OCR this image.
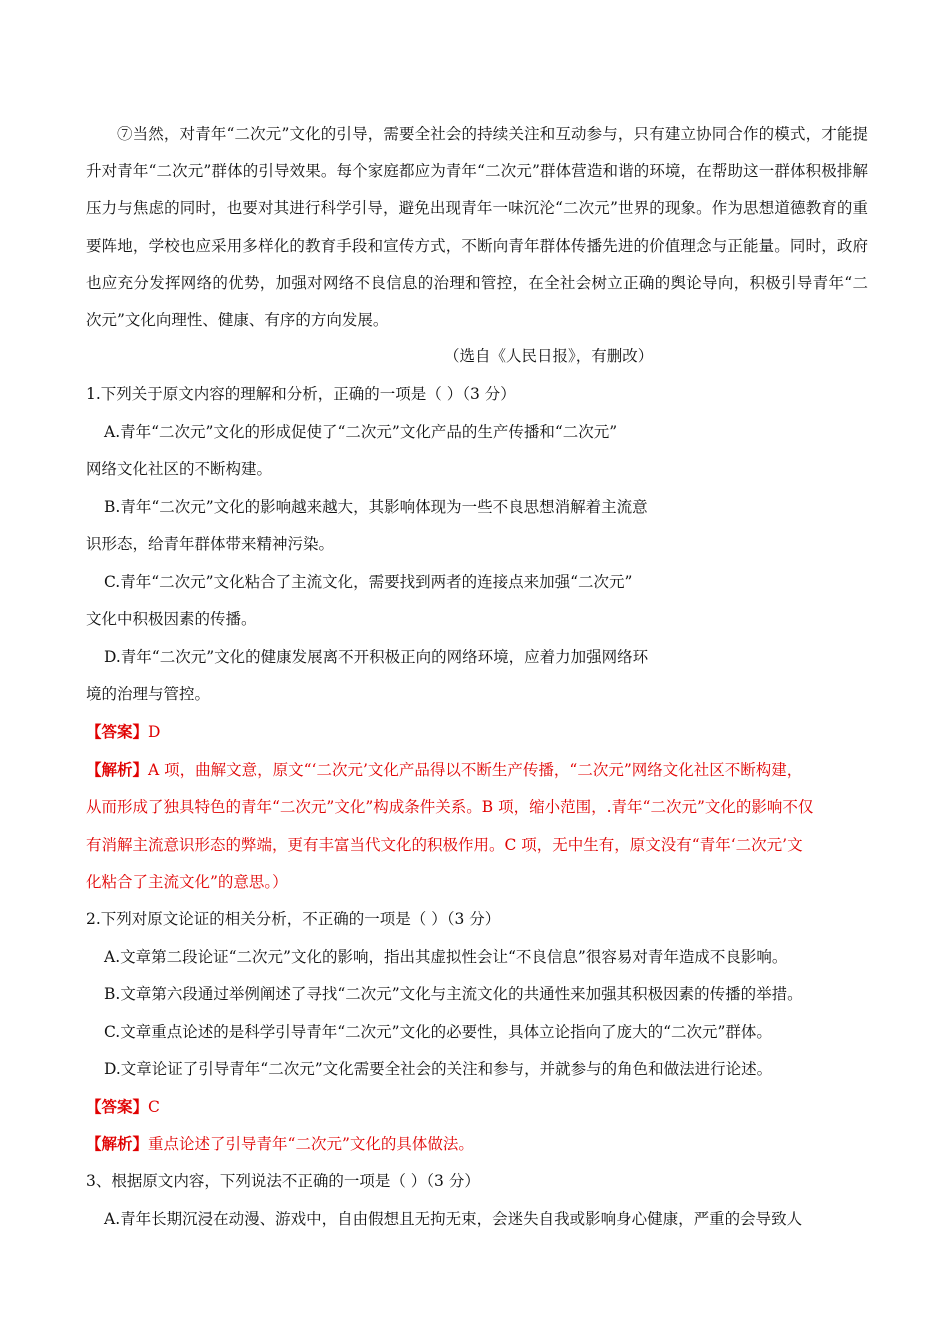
⑦当然，对青年“二次元”文化的引导，需要全社会的持续关注和互动参与，只有建立协同合作的模式，才能提升对青年“二次元”群体的引导效果。每个家庭都应为青年“二次元”群体营造和谐的环境，在帮助这一群体积极排解压力与焦虑的同时，也要对其进行科学引导，避免出现青年一味沉沦“二次元”世界的现象。作为思想道德教育的重要阵地，学校也应采用多样化的教育手段和宣传方式，不断向青年群体传播先进的价值理念与正能量。同时，政府也应充分发挥网络的优势，加强对网络不良信息的治理和管控，在全社会树立正确的舆论导向，积极引导青年“二次元”文化向理性、健康、有序的方向发展。

（选自《人民日报》，有删改）
1.下列关于原文内容的理解和分析，正确的一项是（ ）（3 分）
A.青年“二次元”文化的形成促使了“二次元”文化产品的生产传播和“二次元”
网络文化社区的不断构建。
B.青年“二次元”文化的影响越来越大，其影响体现为一些不良思想消解着主流意
识形态，给青年群体带来精神污染。
C.青年“二次元”文化粘合了主流文化，需要找到两者的连接点来加强“二次元”
文化中积极因素的传播。
D.青年“二次元”文化的健康发展离不开积极正向的网络环境，应着力加强网络环
境的治理与管控。
【答案】D
【解析】A 项，曲解文意，原文“‘二次元’文化产品得以不断生产传播，“二次元”网络文化社区不断构建，
从而形成了独具特色的青年“二次元”文化”构成条件关系。B 项，缩小范围，.青年“二次元”文化的影响不仅
有消解主流意识形态的弊端，更有丰富当代文化的积极作用。C 项，无中生有，原文没有“青年‘二次元’文
化粘合了主流文化”的意思。）
2.下列对原文论证的相关分析，不正确的一项是（ ）（3 分）
A.文章第二段论证“二次元”文化的影响，指出其虚拟性会让“不良信息”很容易对青年造成不良影响。
B.文章第六段通过举例阐述了寻找“二次元”文化与主流文化的共通性来加强其积极因素的传播的举措。
C.文章重点论述的是科学引导青年“二次元”文化的必要性，具体立论指向了庞大的“二次元”群体。
D.文章论证了引导青年“二次元”文化需要全社会的关注和参与，并就参与的角色和做法进行论述。
【答案】C
【解析】重点论述了引导青年“二次元”文化的具体做法。
3、根据原文内容，下列说法不正确的一项是（ ）（3 分）
A.青年长期沉浸在动漫、游戏中，自由假想且无拘无束，会迷失自我或影响身心健康，严重的会导致人
